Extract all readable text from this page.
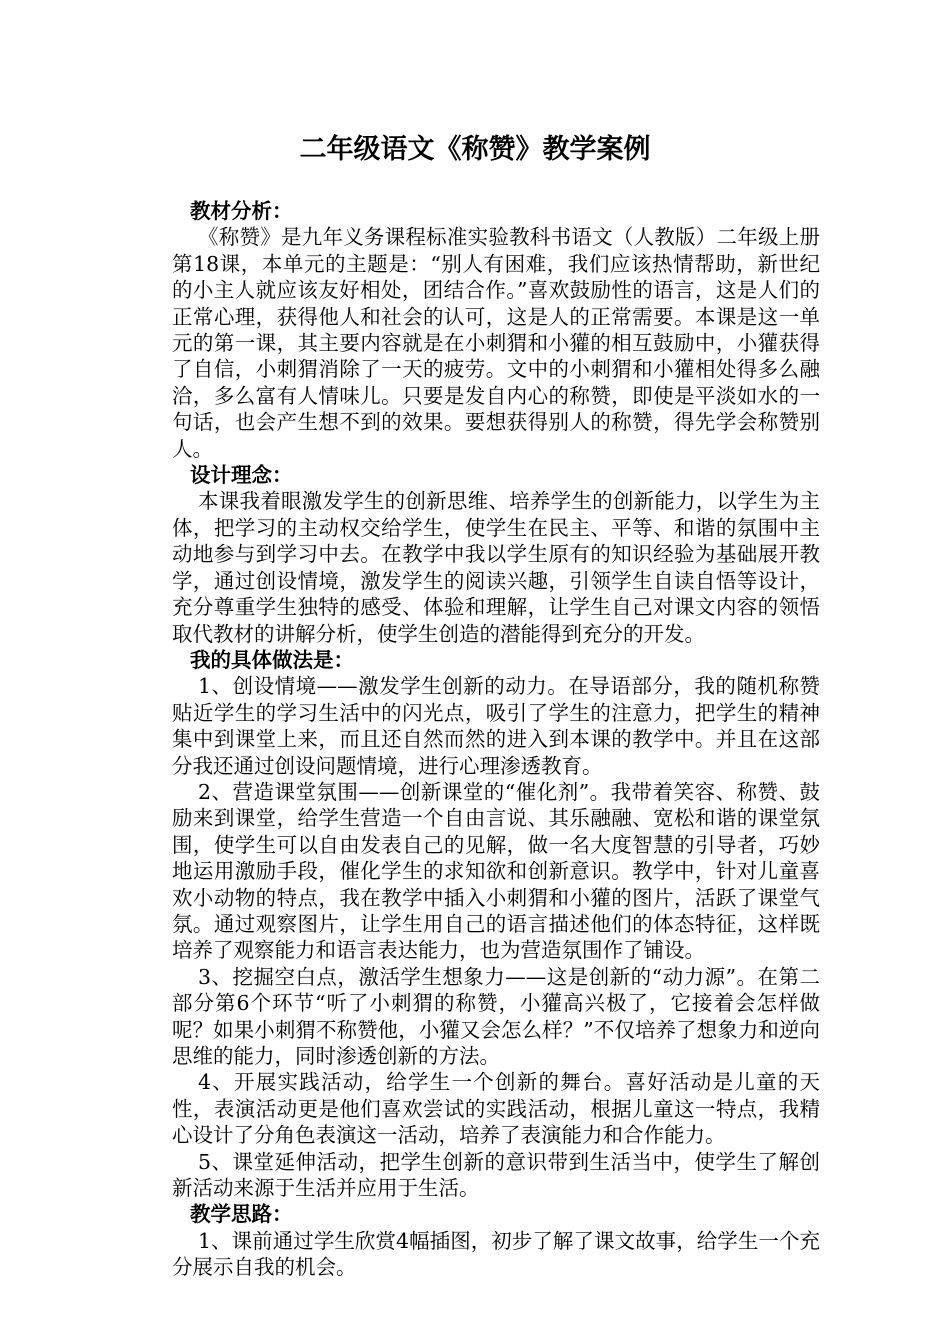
二年级语文《称赞》教学案例

教材分析：

《称赞》是九年义务课程标准实验教科书语文（人教版）二年级上册第18课，本单元的主题是：“别人有困难，我们应该热情帮助，新世纪的小主人就应该友好相处，团结合作。”喜欢鼓励性的语言，这是人们的正常心理，获得他人和社会的认可，这是人的正常需要。本课是这一单元的第一课，其主要内容就是在小刺猬和小獾的相互鼓励中，小獾获得了自信，小刺猬消除了一天的疲劳。文中的小刺猬和小獾相处得多么融洽，多么富有人情味儿。只要是发自内心的称赞，即使是平淡如水的一句话，也会产生想不到的效果。要想获得别人的称赞，得先学会称赞别人。

设计理念：

本课我着眼激发学生的创新思维、培养学生的创新能力，以学生为主体，把学习的主动权交给学生，使学生在民主、平等、和谐的氛围中主动地参与到学习中去。在教学中我以学生原有的知识经验为基础展开教学，通过创设情境，激发学生的阅读兴趣，引领学生自读自悟等设计，充分尊重学生独特的感受、体验和理解，让学生自己对课文内容的领悟取代教材的讲解分析，使学生创造的潜能得到充分的开发。

我的具体做法是：

1、创设情境——激发学生创新的动力。在导语部分，我的随机称赞贴近学生的学习生活中的闪光点，吸引了学生的注意力，把学生的精神集中到课堂上来，而且还自然而然的进入到本课的教学中。并且在这部分我还通过创设问题情境，进行心理渗透教育。

2、营造课堂氛围——创新课堂的“催化剂”。我带着笑容、称赞、鼓励来到课堂，给学生营造一个自由言说、其乐融融、宽松和谐的课堂氛围，使学生可以自由发表自己的见解，做一名大度智慧的引导者，巧妙地运用激励手段，催化学生的求知欲和创新意识。教学中，针对儿童喜欢小动物的特点，我在教学中插入小刺猬和小獾的图片，活跃了课堂气氛。通过观察图片，让学生用自己的语言描述他们的体态特征，这样既培养了观察能力和语言表达能力，也为营造氛围作了铺设。

3、挖掘空白点，激活学生想象力——这是创新的“动力源”。在第二部分第6个环节“听了小刺猬的称赞，小獾高兴极了，它接着会怎样做呢？如果小刺猬不称赞他，小獾又会怎么样？”不仅培养了想象力和逆向思维的能力，同时渗透创新的方法。

4、开展实践活动，给学生一个创新的舞台。喜好活动是儿童的天性，表演活动更是他们喜欢尝试的实践活动，根据儿童这一特点，我精心设计了分角色表演这一活动，培养了表演能力和合作能力。

5、课堂延伸活动，把学生创新的意识带到生活当中，使学生了解创新活动来源于生活并应用于生活。

教学思路：

1、课前通过学生欣赏4幅插图，初步了解了课文故事，给学生一个充分展示自我的机会。
